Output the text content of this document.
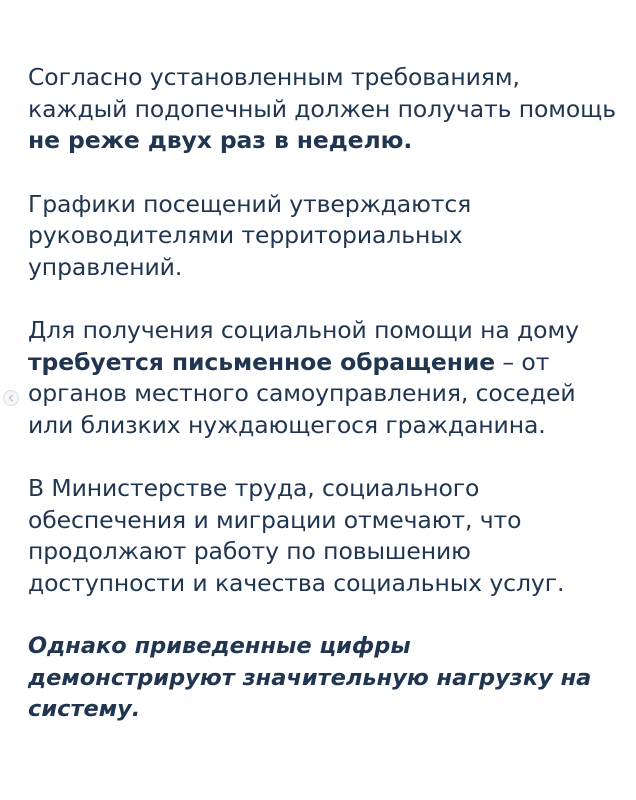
Согласно установленным требованиям, каждый подопечный должен получать помощь не реже двух раз в неделю.

Графики посещений утверждаются руководителями территориальных управлений.

Для получения социальной помощи на дому требуется письменное обращение – от органов местного самоуправления, соседей или близких нуждающегося гражданина.

В Министерстве труда, социального обеспечения и миграции отмечают, что продолжают работу по повышению доступности и качества социальных услуг.

Однако приведенные цифры демонстрируют значительную нагрузку на систему.
